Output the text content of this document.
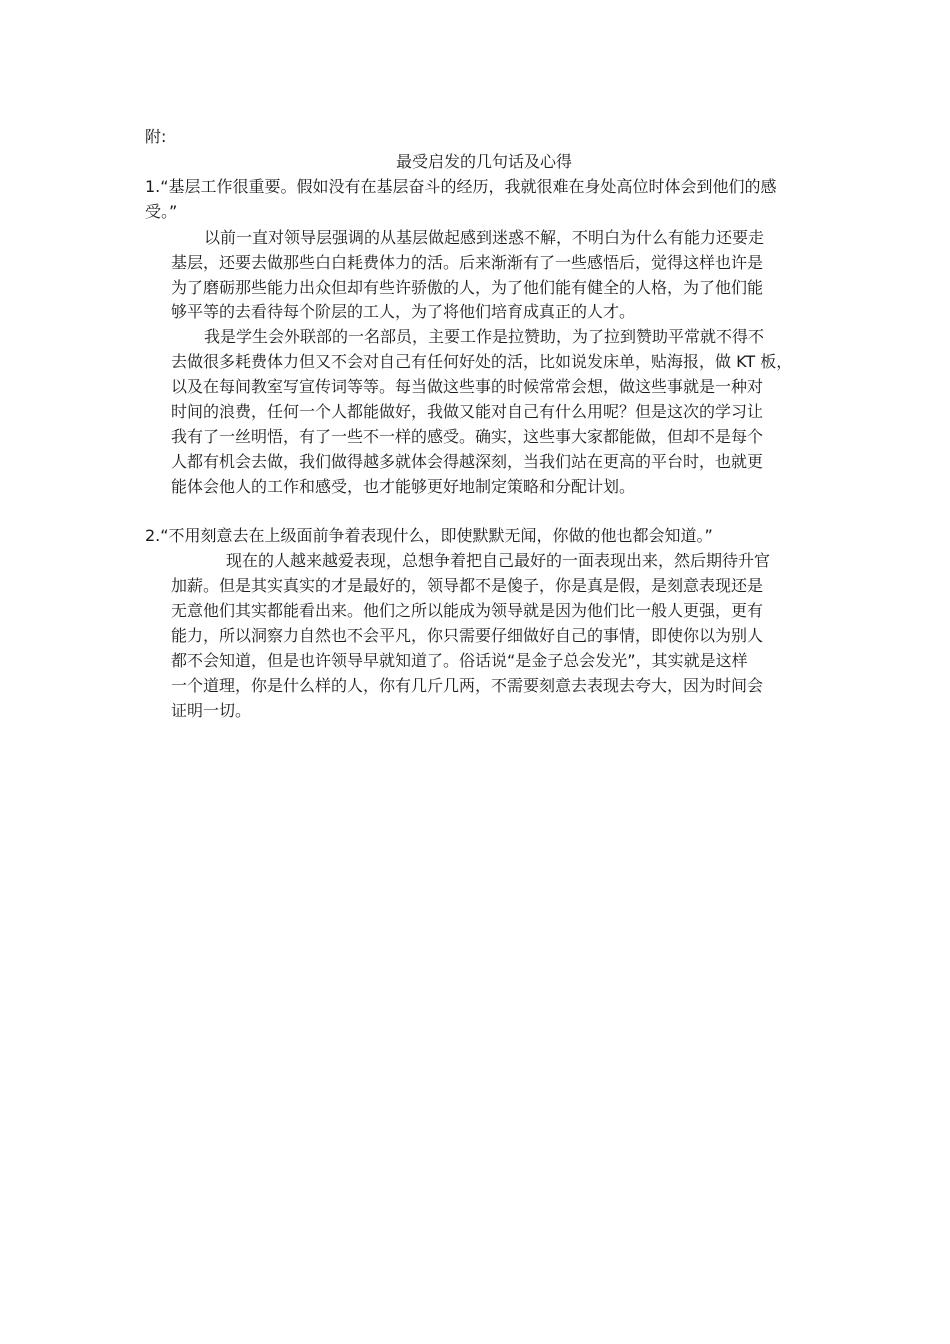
附:
最受启发的几句话及心得
1.“基层工作很重要。假如没有在基层奋斗的经历，我就很难在身处高位时体会到他们的感
受。”
以前一直对领导层强调的从基层做起感到迷惑不解，不明白为什么有能力还要走
基层，还要去做那些白白耗费体力的活。后来渐渐有了一些感悟后，觉得这样也许是
为了磨砺那些能力出众但却有些许骄傲的人，为了他们能有健全的人格，为了他们能
够平等的去看待每个阶层的工人，为了将他们培育成真正的人才。
我是学生会外联部的一名部员，主要工作是拉赞助，为了拉到赞助平常就不得不
去做很多耗费体力但又不会对自己有任何好处的活，比如说发床单，贴海报，做 KT 板，
以及在每间教室写宣传词等等。每当做这些事的时候常常会想，做这些事就是一种对
时间的浪费，任何一个人都能做好，我做又能对自己有什么用呢？但是这次的学习让
我有了一丝明悟，有了一些不一样的感受。确实，这些事大家都能做，但却不是每个
人都有机会去做，我们做得越多就体会得越深刻，当我们站在更高的平台时，也就更
能体会他人的工作和感受，也才能够更好地制定策略和分配计划。
2.“不用刻意去在上级面前争着表现什么，即使默默无闻，你做的他也都会知道。”
现在的人越来越爱表现，总想争着把自己最好的一面表现出来，然后期待升官
加薪。但是其实真实的才是最好的，领导都不是傻子，你是真是假，是刻意表现还是
无意他们其实都能看出来。他们之所以能成为领导就是因为他们比一般人更强，更有
能力，所以洞察力自然也不会平凡，你只需要仔细做好自己的事情，即使你以为别人
都不会知道，但是也许领导早就知道了。俗话说“是金子总会发光”，其实就是这样
一个道理，你是什么样的人，你有几斤几两，不需要刻意去表现去夸大，因为时间会
证明一切。
